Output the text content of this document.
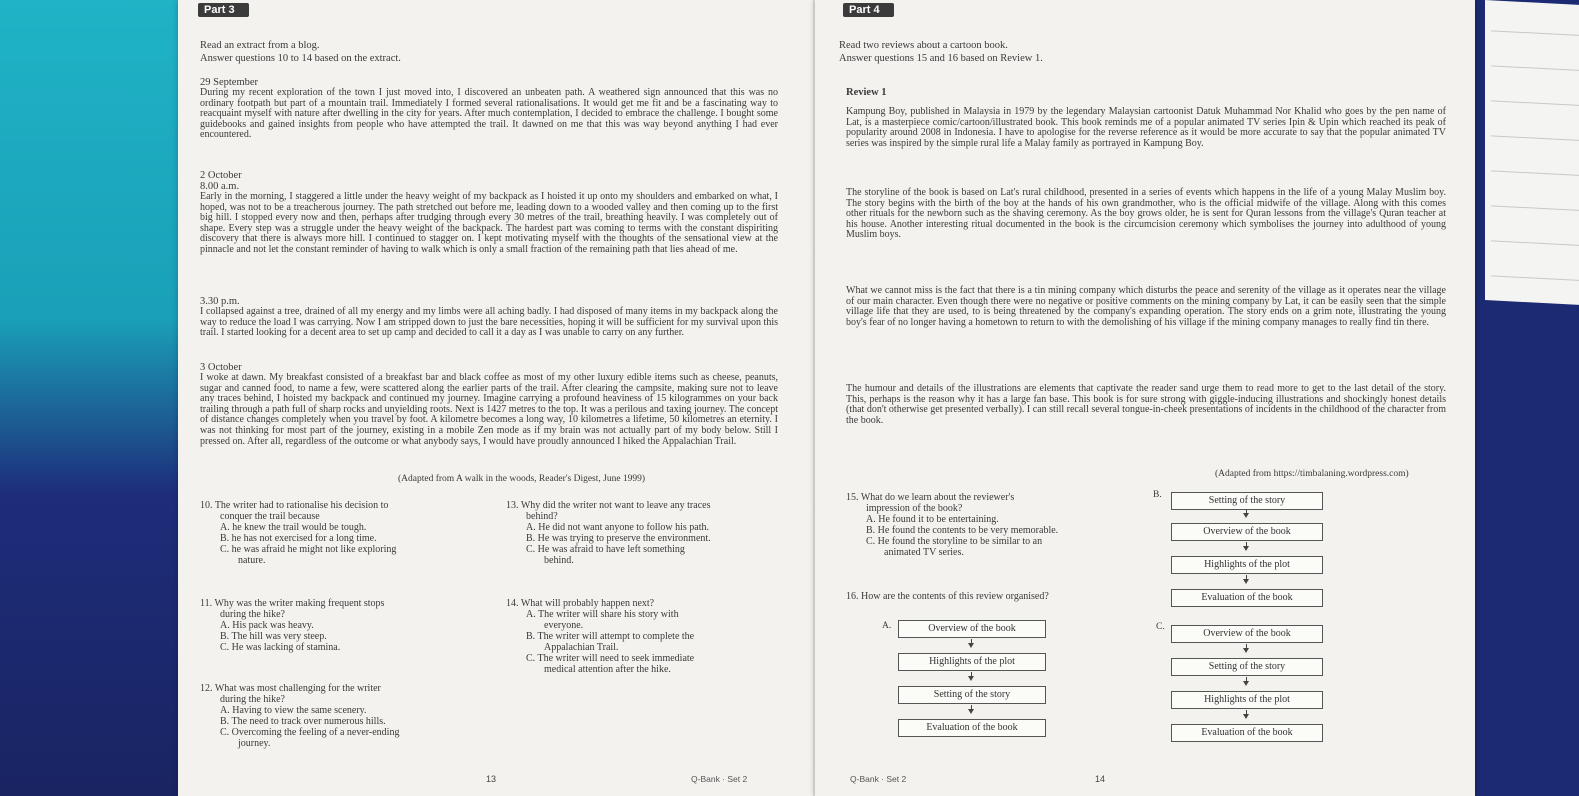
Part 3
Read an extract from a blog.
Answer questions 10 to 14 based on the extract.
29 September
During my recent exploration of the town I just moved into, I discovered an unbeaten path. A weathered sign announced that this was no ordinary footpath but part of a mountain trail. Immediately I formed several rationalisations. It would get me fit and be a fascinating way to reacquaint myself with nature after dwelling in the city for years. After much contemplation, I decided to embrace the challenge. I bought some guidebooks and gained insights from people who have attempted the trail. It dawned on me that this was way beyond anything I had ever encountered.
2 October
8.00 a.m.
Early in the morning, I staggered a little under the heavy weight of my backpack as I hoisted it up onto my shoulders and embarked on what, I hoped, was not to be a treacherous journey. The path stretched out before me, leading down to a wooded valley and then coming up to the first big hill. I stopped every now and then, perhaps after trudging through every 30 metres of the trail, breathing heavily. I was completely out of shape. Every step was a struggle under the heavy weight of the backpack. The hardest part was coming to terms with the constant dispiriting discovery that there is always more hill. I continued to stagger on. I kept motivating myself with the thoughts of the sensational view at the pinnacle and not let the constant reminder of having to walk which is only a small fraction of the remaining path that lies ahead of me.
3.30 p.m.
I collapsed against a tree, drained of all my energy and my limbs were all aching badly. I had disposed of many items in my backpack along the way to reduce the load I was carrying. Now I am stripped down to just the bare necessities, hoping it will be sufficient for my survival upon this trail. I started looking for a decent area to set up camp and decided to call it a day as I was unable to carry on any further.
3 October
I woke at dawn. My breakfast consisted of a breakfast bar and black coffee as most of my other luxury edible items such as cheese, peanuts, sugar and canned food, to name a few, were scattered along the earlier parts of the trail. After clearing the campsite, making sure not to leave any traces behind, I hoisted my backpack and continued my journey. Imagine carrying a profound heaviness of 15 kilogrammes on your back trailing through a path full of sharp rocks and unyielding roots. Next is 1427 metres to the top. It was a perilous and taxing journey. The concept of distance changes completely when you travel by foot. A kilometre becomes a long way, 10 kilometres a lifetime, 50 kilometres an eternity. I was not thinking for most part of the journey, existing in a mobile Zen mode as if my brain was not actually part of my body below. Still I pressed on. After all, regardless of the outcome or what anybody says, I would have proudly announced I hiked the Appalachian Trail.
(Adapted from A walk in the woods, Reader's Digest, June 1999)
10. The writer had to rationalise his decision to
conquer the trail because
A. he knew the trail would be tough.
B. he has not exercised for a long time.
C. he was afraid he might not like exploring
nature.
11. Why was the writer making frequent stops
during the hike?
A. His pack was heavy.
B. The hill was very steep.
C. He was lacking of stamina.
12. What was most challenging for the writer
during the hike?
A. Having to view the same scenery.
B. The need to track over numerous hills.
C. Overcoming the feeling of a never-ending
journey.
13. Why did the writer not want to leave any traces
behind?
A. He did not want anyone to follow his path.
B. He was trying to preserve the environment.
C. He was afraid to have left something
behind.
14. What will probably happen next?
A. The writer will share his story with
everyone.
B. The writer will attempt to complete the
Appalachian Trail.
C. The writer will need to seek immediate
medical attention after the hike.
13	Q-Bank · Set 2
Part 4
Read two reviews about a cartoon book.
Answer questions 15 and 16 based on Review 1.
Review 1
Kampung Boy, published in Malaysia in 1979 by the legendary Malaysian cartoonist Datuk Muhammad Nor Khalid who goes by the pen name of Lat, is a masterpiece comic/cartoon/illustrated book. This book reminds me of a popular animated TV series Ipin & Upin which reached its peak of popularity around 2008 in Indonesia. I have to apologise for the reverse reference as it would be more accurate to say that the popular animated TV series was inspired by the simple rural life a Malay family as portrayed in Kampung Boy.
The storyline of the book is based on Lat's rural childhood, presented in a series of events which happens in the life of a young Malay Muslim boy. The story begins with the birth of the boy at the hands of his own grandmother, who is the official midwife of the village. Along with this comes other rituals for the newborn such as the shaving ceremony. As the boy grows older, he is sent for Quran lessons from the village's Quran teacher at his house. Another interesting ritual documented in the book is the circumcision ceremony which symbolises the journey into adulthood of young Muslim boys.
What we cannot miss is the fact that there is a tin mining company which disturbs the peace and serenity of the village as it operates near the village of our main character. Even though there were no negative or positive comments on the mining company by Lat, it can be easily seen that the simple village life that they are used, to is being threatened by the company's expanding operation. The story ends on a grim note, illustrating the young boy's fear of no longer having a hometown to return to with the demolishing of his village if the mining company manages to really find tin there.
The humour and details of the illustrations are elements that captivate the reader sand urge them to read more to get to the last detail of the story. This, perhaps is the reason why it has a large fan base. This book is for sure strong with giggle-inducing illustrations and shockingly honest details (that don't otherwise get presented verbally). I can still recall several tongue-in-cheek presentations of incidents in the childhood of the character from the book.
(Adapted from https://timbalaning.wordpress.com)
15. What do we learn about the reviewer's
impression of the book?
A. He found it to be entertaining.
B. He found the contents to be very memorable.
C. He found the storyline to be similar to an
animated TV series.
16. How are the contents of this review organised?
A.	Overview of the book
Highlights of the plot
Setting of the story
Evaluation of the book
B.	Setting of the story
Overview of the book
Highlights of the plot
Evaluation of the book
C.
Overview of the book
Setting of the story
Highlights of the plot
Evaluation of the book
Q-Bank · Set 2	14
